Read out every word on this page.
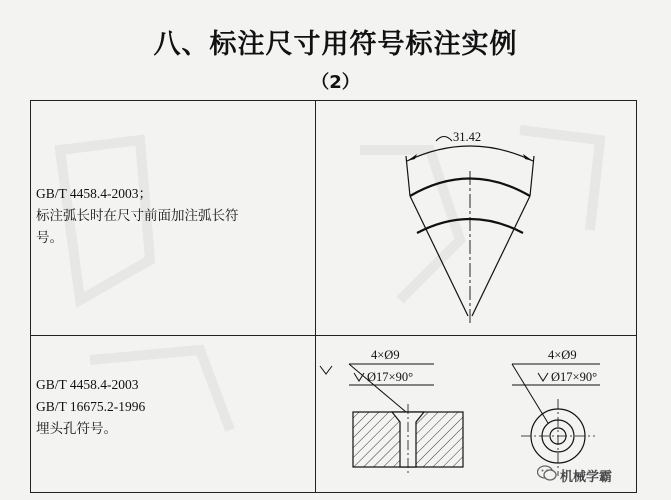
八、标注尺寸用符号标注实例
（2）
GB/T 4458.4-2003；
标注弧长时在尺寸前面加注弧长符
号。
GB/T 4458.4-2003
GB/T 16675.2-1996
埋头孔符号。
31.42
4×Ø9
Ø17×90°
4×Ø9
Ø17×90°
机械学霸
